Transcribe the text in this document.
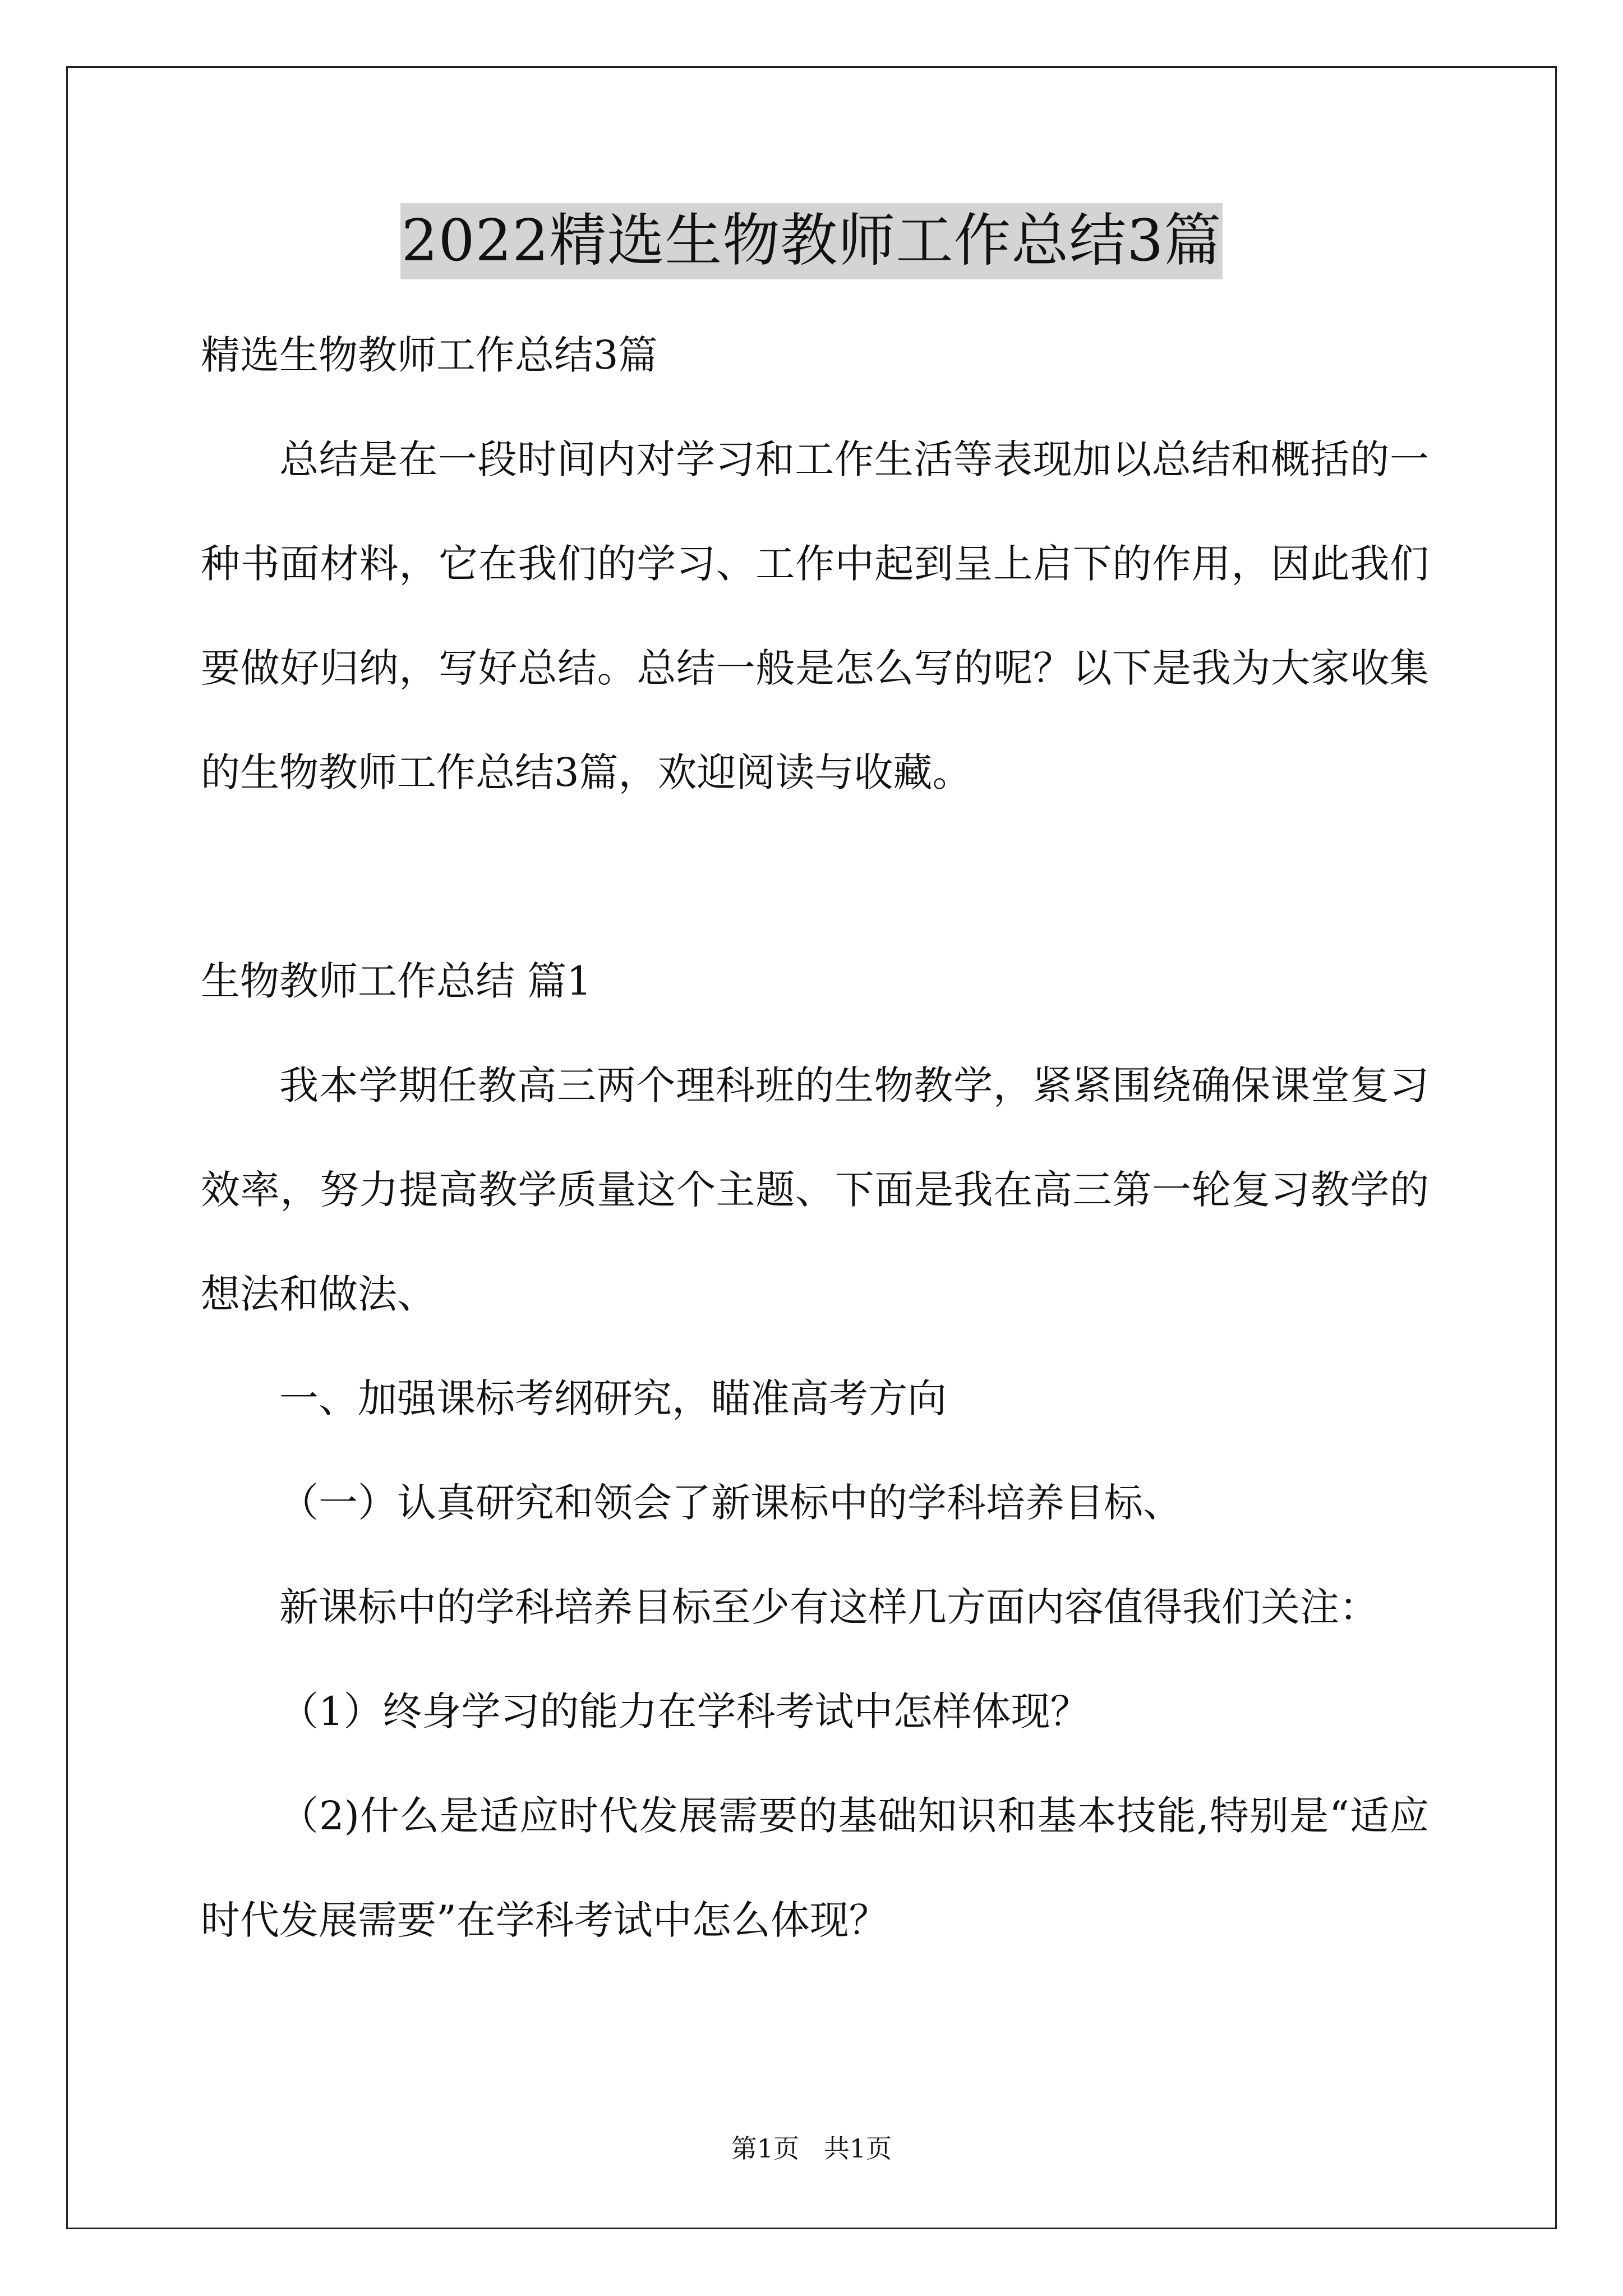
2022精选生物教师工作总结3篇
精选生物教师工作总结3篇
总结是在一段时间内对学习和工作生活等表现加以总结和概括的一种书面材料，它在我们的学习、工作中起到呈上启下的作用，因此我们要做好归纳，写好总结。总结一般是怎么写的呢？以下是我为大家收集的生物教师工作总结3篇，欢迎阅读与收藏。
生物教师工作总结 篇1
我本学期任教高三两个理科班的生物教学，紧紧围绕确保课堂复习效率，努力提高教学质量这个主题、下面是我在高三第一轮复习教学的想法和做法、
一、加强课标考纲研究，瞄准高考方向
（一）认真研究和领会了新课标中的学科培养目标、
新课标中的学科培养目标至少有这样几方面内容值得我们关注：
（1）终身学习的能力在学科考试中怎样体现？
（2)什么是适应时代发展需要的基础知识和基本技能,特别是“适应时代发展需要”在学科考试中怎么体现？
第1页   共1页
